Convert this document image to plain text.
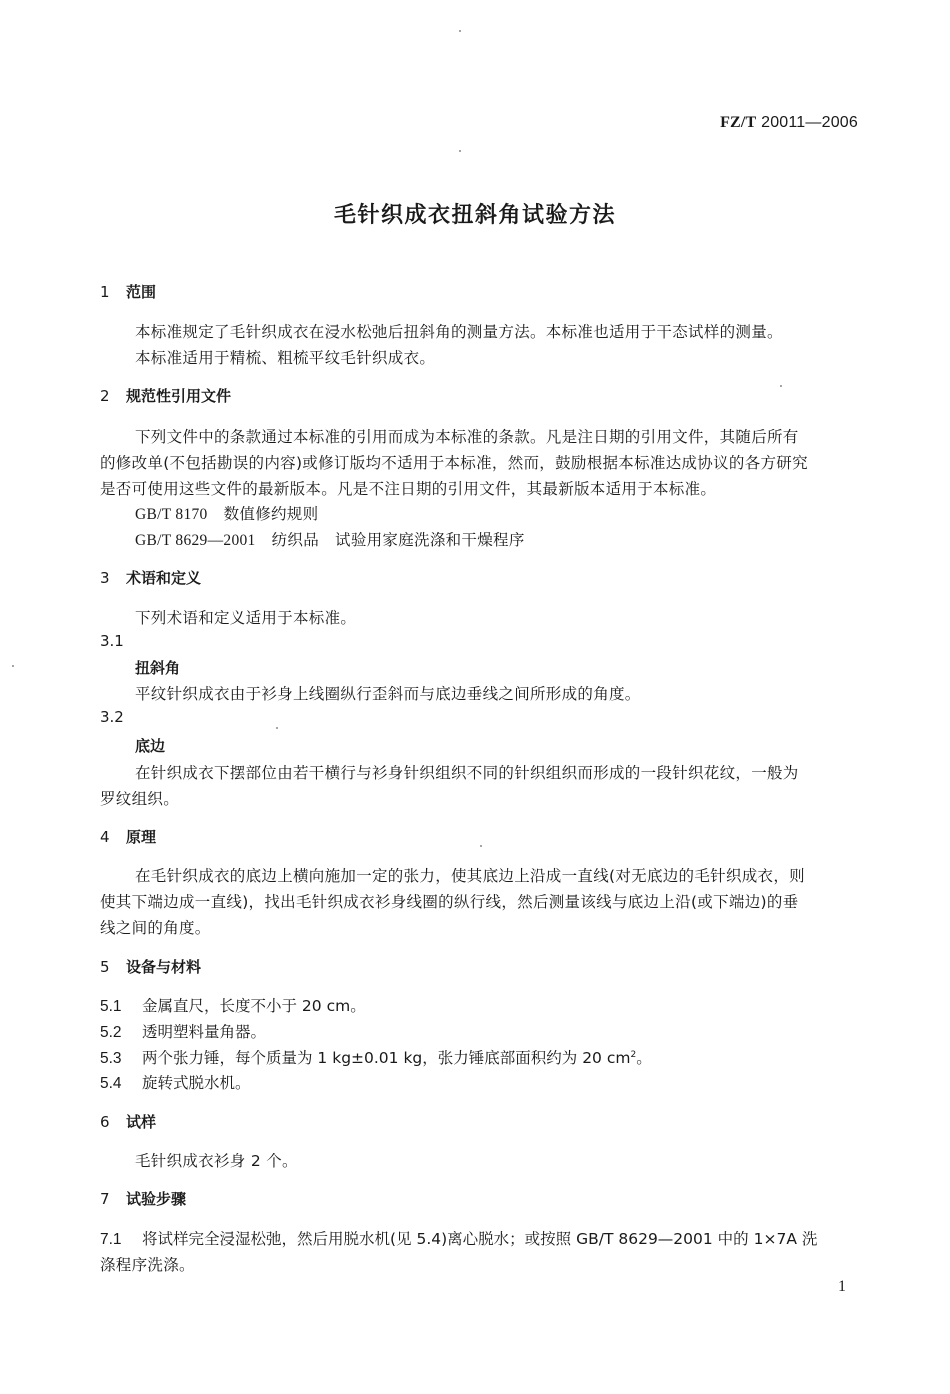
FZ/T 20011—2006
毛针织成衣扭斜角试验方法
1 范围
本标准规定了毛针织成衣在浸水松弛后扭斜角的测量方法。本标准也适用于干态试样的测量。
本标准适用于精梳、粗梳平纹毛针织成衣。
2 规范性引用文件
下列文件中的条款通过本标准的引用而成为本标准的条款。凡是注日期的引用文件，其随后所有
的修改单(不包括勘误的内容)或修订版均不适用于本标准，然而，鼓励根据本标准达成协议的各方研究
是否可使用这些文件的最新版本。凡是不注日期的引用文件，其最新版本适用于本标准。
GB/T 8170 数值修约规则
GB/T 8629—2001 纺织品 试验用家庭洗涤和干燥程序
3 术语和定义
下列术语和定义适用于本标准。
3.1
扭斜角
平纹针织成衣由于衫身上线圈纵行歪斜而与底边垂线之间所形成的角度。
3.2
底边
在针织成衣下摆部位由若干横行与衫身针织组织不同的针织组织而形成的一段针织花纹，一般为
罗纹组织。
4 原理
在毛针织成衣的底边上横向施加一定的张力，使其底边上沿成一直线(对无底边的毛针织成衣，则
使其下端边成一直线)，找出毛针织成衣衫身线圈的纵行线，然后测量该线与底边上沿(或下端边)的垂
线之间的角度。
5 设备与材料
5.1 金属直尺，长度不小于 20 cm。
5.2 透明塑料量角器。
5.3 两个张力锤，每个质量为 1 kg±0.01 kg，张力锤底部面积约为 20 $cm^2$。
5.4 旋转式脱水机。
6 试样
毛针织成衣衫身 2 个。
7 试验步骤
7.1 将试样完全浸湿松弛，然后用脱水机(见 5.4)离心脱水；或按照 GB/T 8629—2001 中的 1×7A 洗
涤程序洗涤。
1
